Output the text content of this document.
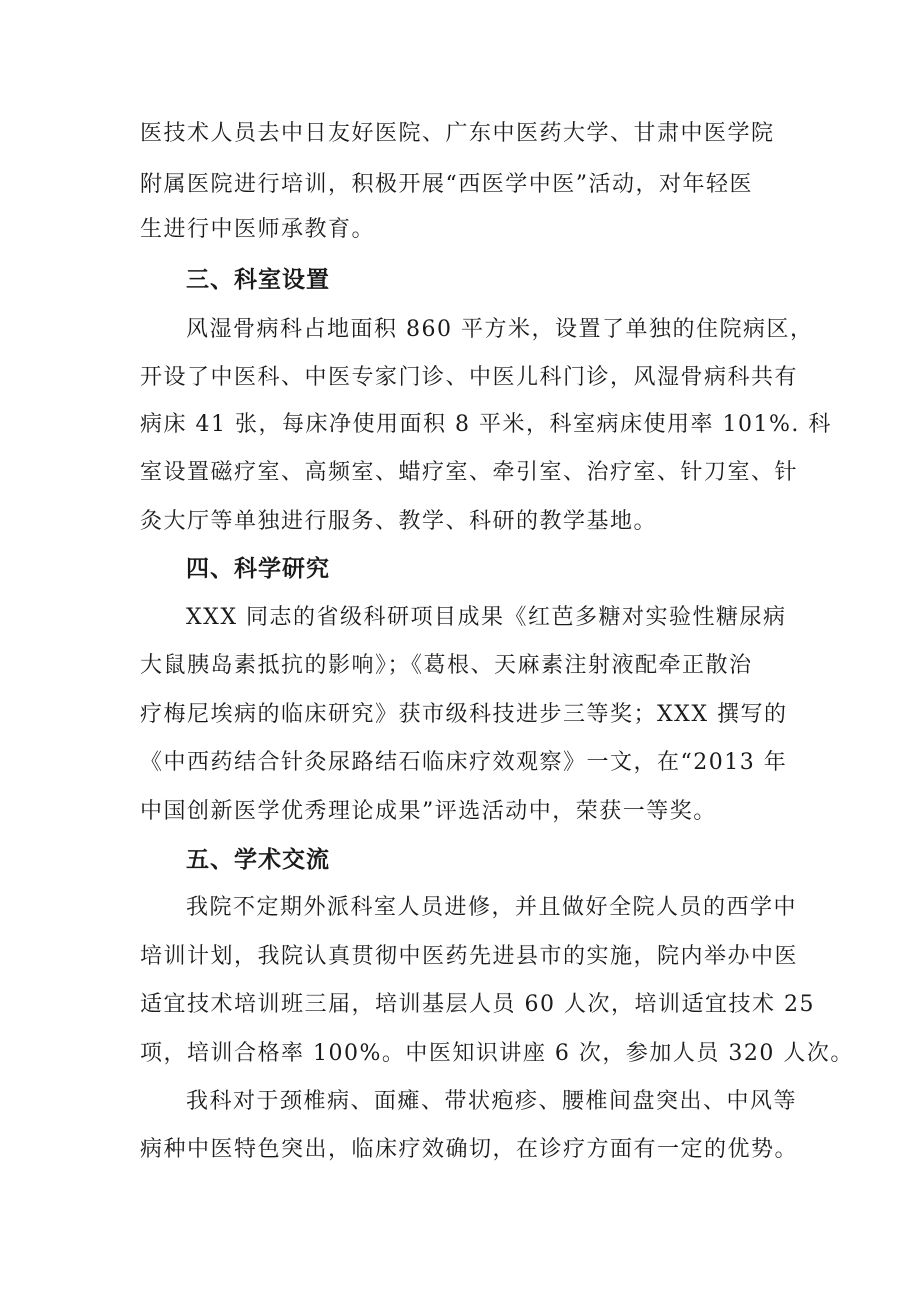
医技术人员去中日友好医院、广东中医药大学、甘肃中医学院
附属医院进行培训，积极开展“西医学中医”活动，对年轻医
生进行中医师承教育。
三、科室设置
风湿骨病科占地面积 860 平方米，设置了单独的住院病区，
开设了中医科、中医专家门诊、中医儿科门诊，风湿骨病科共有
病床 41 张，每床净使用面积 8 平米，科室病床使用率 101%. 科
室设置磁疗室、高频室、蜡疗室、牵引室、治疗室、针刀室、针
灸大厅等单独进行服务、教学、科研的教学基地。
四、科学研究
XXX 同志的省级科研项目成果《红芭多糖对实验性糖尿病
大鼠胰岛素抵抗的影响》；《葛根、天麻素注射液配牵正散治
疗梅尼埃病的临床研究》获市级科技进步三等奖；XXX 撰写的
《中西药结合针灸尿路结石临床疗效观察》一文，在“2013 年
中国创新医学优秀理论成果”评选活动中，荣获一等奖。
五、学术交流
我院不定期外派科室人员进修，并且做好全院人员的西学中
培训计划，我院认真贯彻中医药先进县市的实施，院内举办中医
适宜技术培训班三届，培训基层人员 60 人次，培训适宜技术 25
项，培训合格率 100%。中医知识讲座 6 次，参加人员 320 人次。
我科对于颈椎病、面瘫、带状疱疹、腰椎间盘突出、中风等
病种中医特色突出，临床疗效确切，在诊疗方面有一定的优势。
